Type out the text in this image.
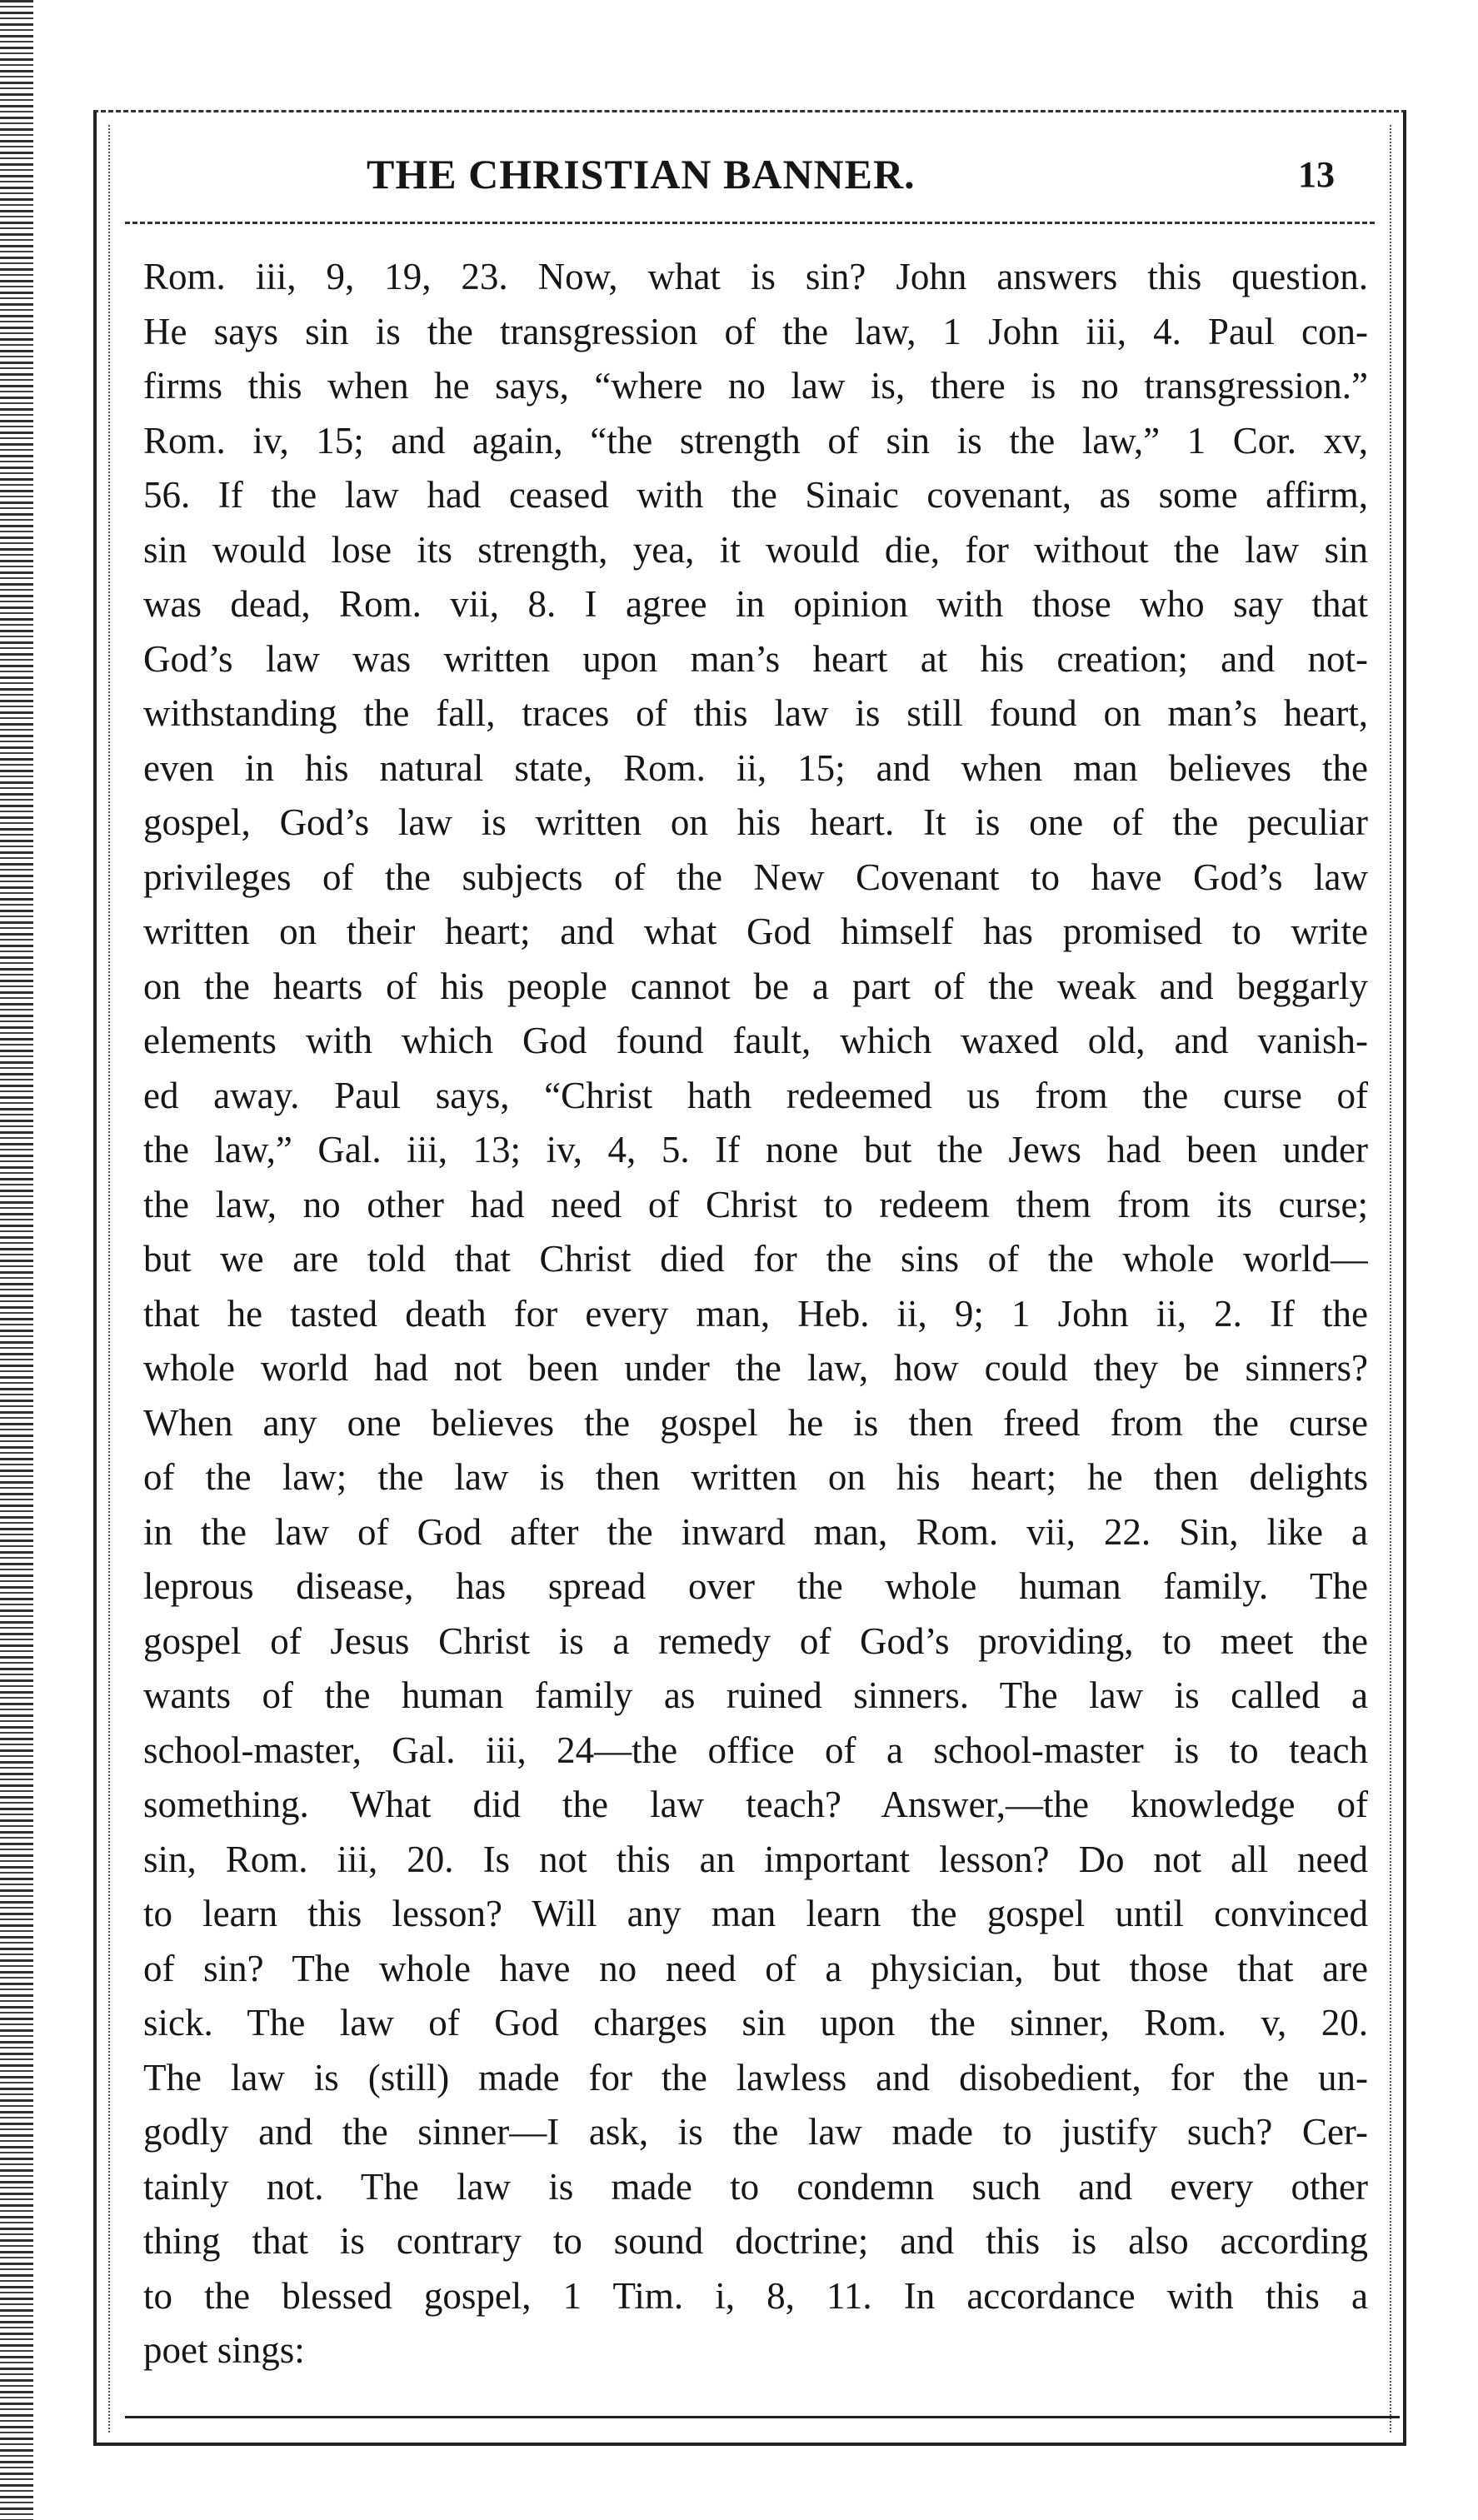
THE CHRISTIAN BANNER.	13
Rom. iii, 9, 19, 23. Now, what is sin? John answers this question.
He says sin is the transgression of the law, 1 John iii, 4. Paul con-
firms this when he says, “where no law is, there is no transgression.”
Rom. iv, 15; and again, “the strength of sin is the law,” 1 Cor. xv,
56. If the law had ceased with the Sinaic covenant, as some affirm,
sin would lose its strength, yea, it would die, for without the law sin
was dead, Rom. vii, 8. I agree in opinion with those who say that
God’s law was written upon man’s heart at his creation; and not-
withstanding the fall, traces of this law is still found on man’s heart,
even in his natural state, Rom. ii, 15; and when man believes the
gospel, God’s law is written on his heart. It is one of the peculiar
privileges of the subjects of the New Covenant to have God’s law
written on their heart; and what God himself has promised to write
on the hearts of his people cannot be a part of the weak and beggarly
elements with which God found fault, which waxed old, and vanish-
ed away. Paul says, “Christ hath redeemed us from the curse of
the law,” Gal. iii, 13; iv, 4, 5. If none but the Jews had been under
the law, no other had need of Christ to redeem them from its curse;
but we are told that Christ died for the sins of the whole world—
that he tasted death for every man, Heb. ii, 9; 1 John ii, 2. If the
whole world had not been under the law, how could they be sinners?
When any one believes the gospel he is then freed from the curse
of the law; the law is then written on his heart; he then delights
in the law of God after the inward man, Rom. vii, 22. Sin, like a
leprous disease, has spread over the whole human family. The
gospel of Jesus Christ is a remedy of God’s providing, to meet the
wants of the human family as ruined sinners. The law is called a
school-master, Gal. iii, 24—the office of a school-master is to teach
something. What did the law teach? Answer,—the knowledge of
sin, Rom. iii, 20. Is not this an important lesson? Do not all need
to learn this lesson? Will any man learn the gospel until convinced
of sin? The whole have no need of a physician, but those that are
sick. The law of God charges sin upon the sinner, Rom. v, 20.
The law is (still) made for the lawless and disobedient, for the un-
godly and the sinner—I ask, is the law made to justify such? Cer-
tainly not. The law is made to condemn such and every other
thing that is contrary to sound doctrine; and this is also according
to the blessed gospel, 1 Tim. i, 8, 11. In accordance with this a
poet sings:
